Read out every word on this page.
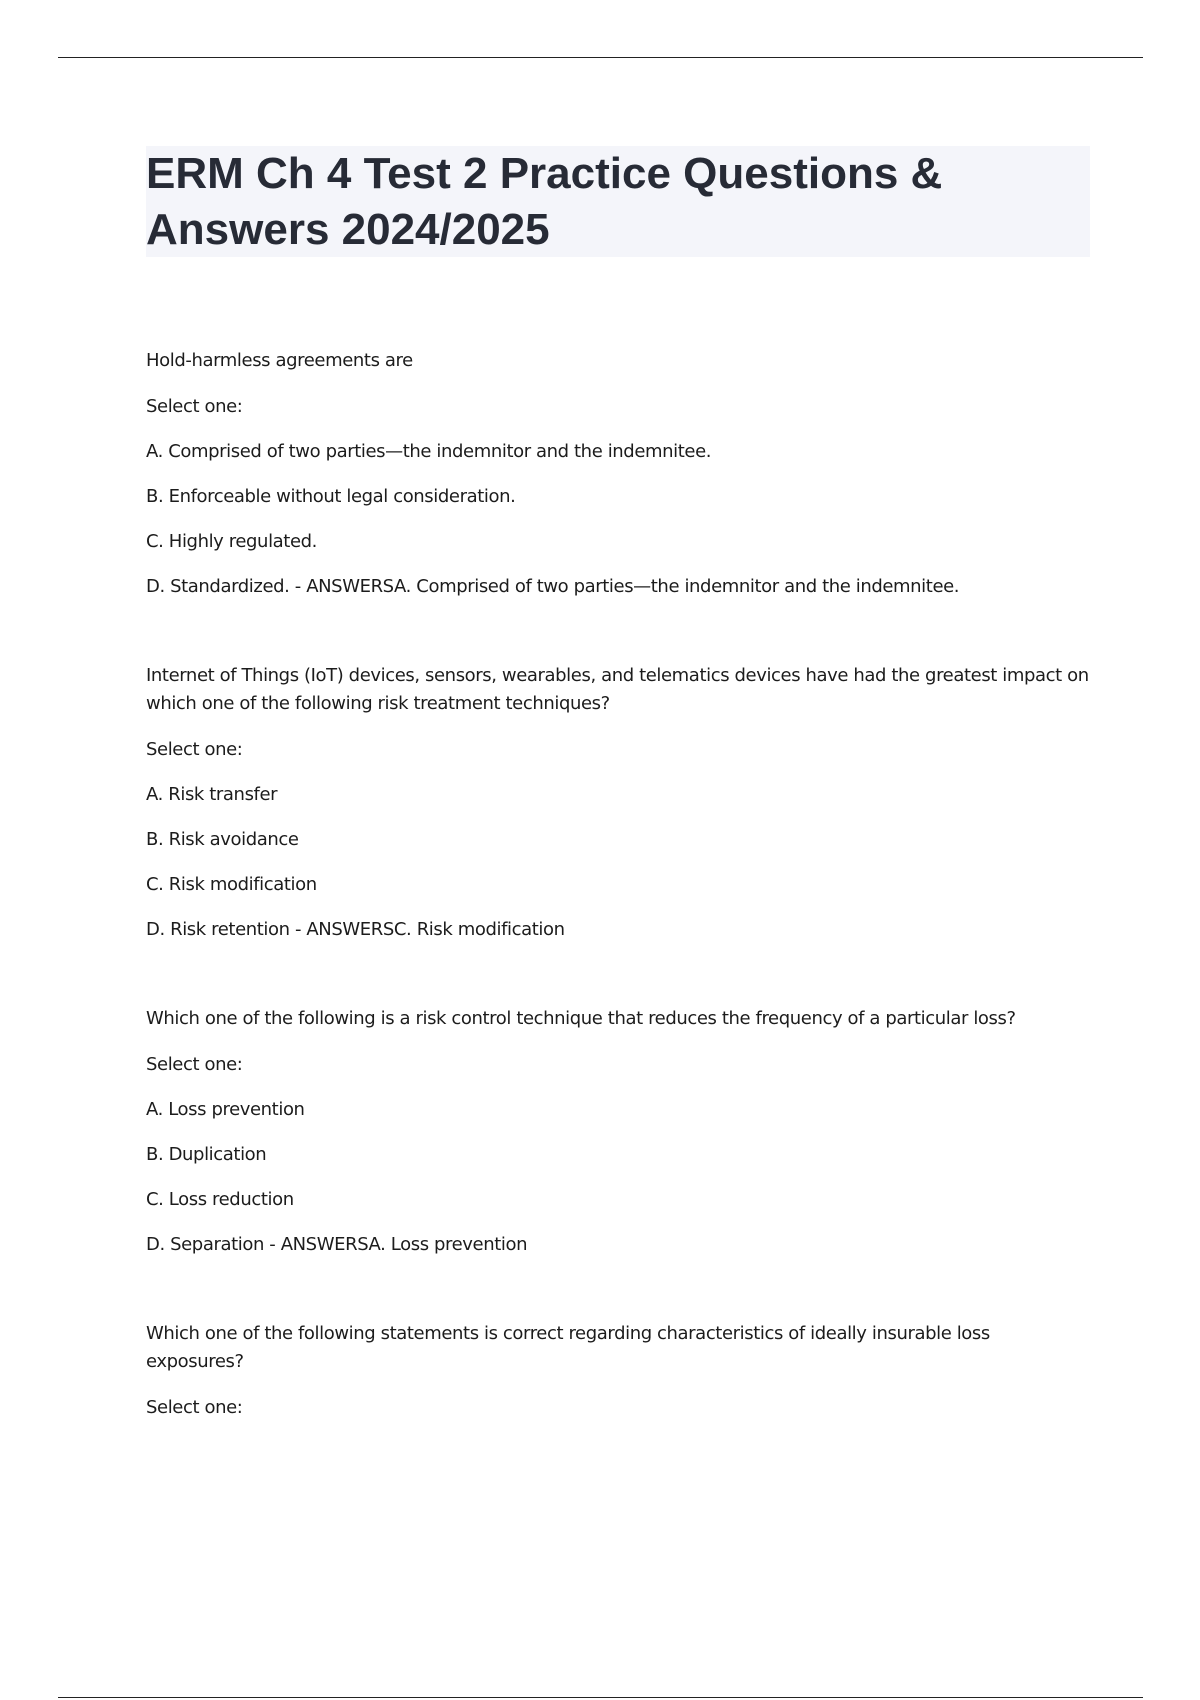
ERM Ch 4 Test 2 Practice Questions & Answers 2024/2025

Hold-harmless agreements are

Select one:

A. Comprised of two parties—the indemnitor and the indemnitee.

B. Enforceable without legal consideration.

C. Highly regulated.

D. Standardized. - ANSWERSA. Comprised of two parties—the indemnitor and the indemnitee.

Internet of Things (IoT) devices, sensors, wearables, and telematics devices have had the greatest impact on which one of the following risk treatment techniques?

Select one:

A. Risk transfer

B. Risk avoidance

C. Risk modification

D. Risk retention - ANSWERSC. Risk modification

Which one of the following is a risk control technique that reduces the frequency of a particular loss?

Select one:

A. Loss prevention

B. Duplication

C. Loss reduction

D. Separation - ANSWERSA. Loss prevention

Which one of the following statements is correct regarding characteristics of ideally insurable loss exposures?

Select one:
